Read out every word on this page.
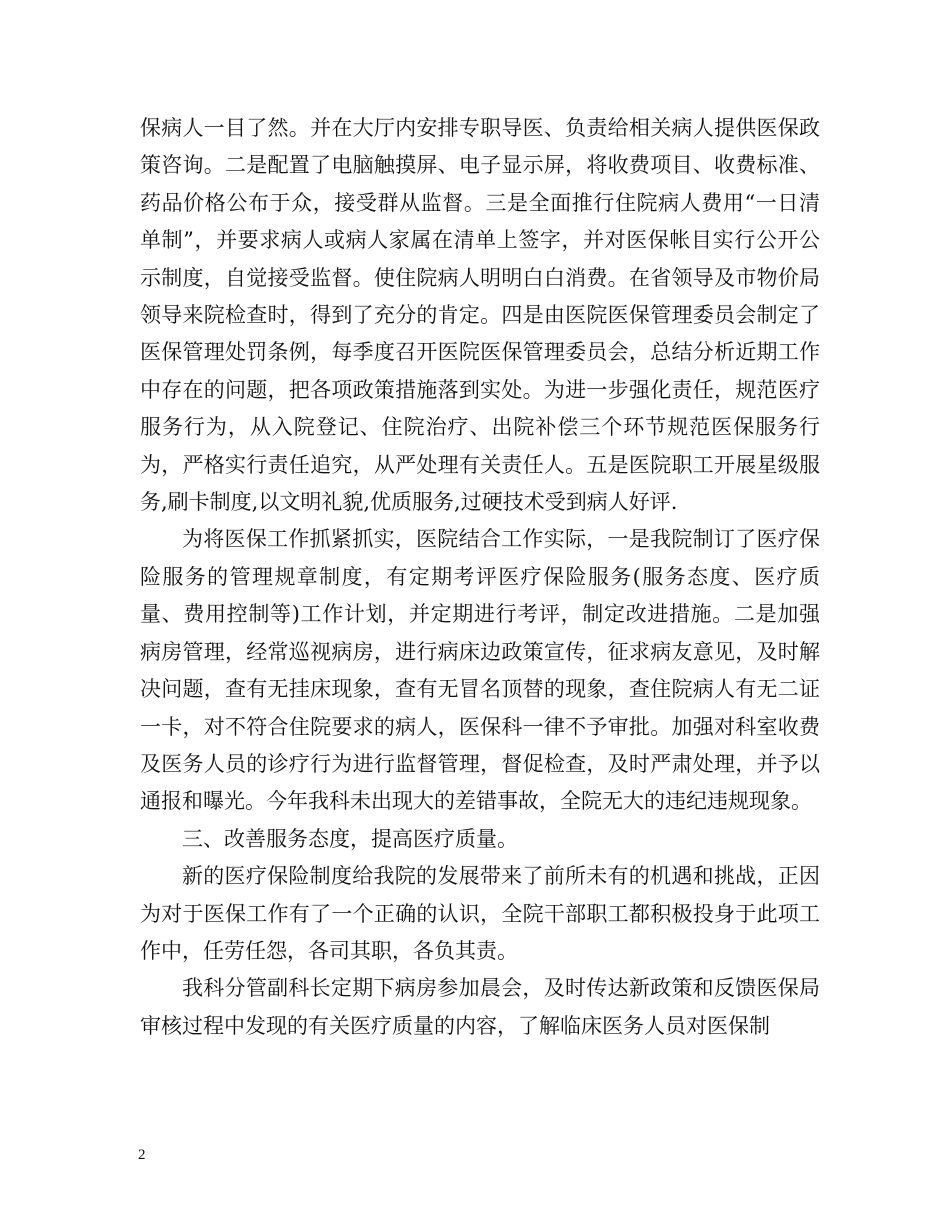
保病人一目了然。并在大厅内安排专职导医、负责给相关病人提供医保政策咨询。二是配置了电脑触摸屏、电子显示屏，将收费项目、收费标准、药品价格公布于众，接受群从监督。三是全面推行住院病人费用“一日清单制”，并要求病人或病人家属在清单上签字，并对医保帐目实行公开公示制度，自觉接受监督。使住院病人明明白白消费。在省领导及市物价局领导来院检查时，得到了充分的肯定。四是由医院医保管理委员会制定了医保管理处罚条例，每季度召开医院医保管理委员会，总结分析近期工作中存在的问题，把各项政策措施落到实处。为进一步强化责任，规范医疗服务行为，从入院登记、住院治疗、出院补偿三个环节规范医保服务行为，严格实行责任追究，从严处理有关责任人。五是医院职工开展星级服务,刷卡制度,以文明礼貌,优质服务,过硬技术受到病人好评.

为将医保工作抓紧抓实，医院结合工作实际，一是我院制订了医疗保险服务的管理规章制度，有定期考评医疗保险服务(服务态度、医疗质量、费用控制等)工作计划，并定期进行考评，制定改进措施。二是加强病房管理，经常巡视病房，进行病床边政策宣传，征求病友意见，及时解决问题，查有无挂床现象，查有无冒名顶替的现象，查住院病人有无二证一卡，对不符合住院要求的病人，医保科一律不予审批。加强对科室收费及医务人员的诊疗行为进行监督管理，督促检查，及时严肃处理，并予以通报和曝光。今年我科未出现大的差错事故，全院无大的违纪违规现象。

三、改善服务态度，提高医疗质量。

新的医疗保险制度给我院的发展带来了前所未有的机遇和挑战，正因为对于医保工作有了一个正确的认识，全院干部职工都积极投身于此项工作中，任劳任怨，各司其职，各负其责。

我科分管副科长定期下病房参加晨会，及时传达新政策和反馈医保局审核过程中发现的有关医疗质量的内容，了解临床医务人员对医保制

2
